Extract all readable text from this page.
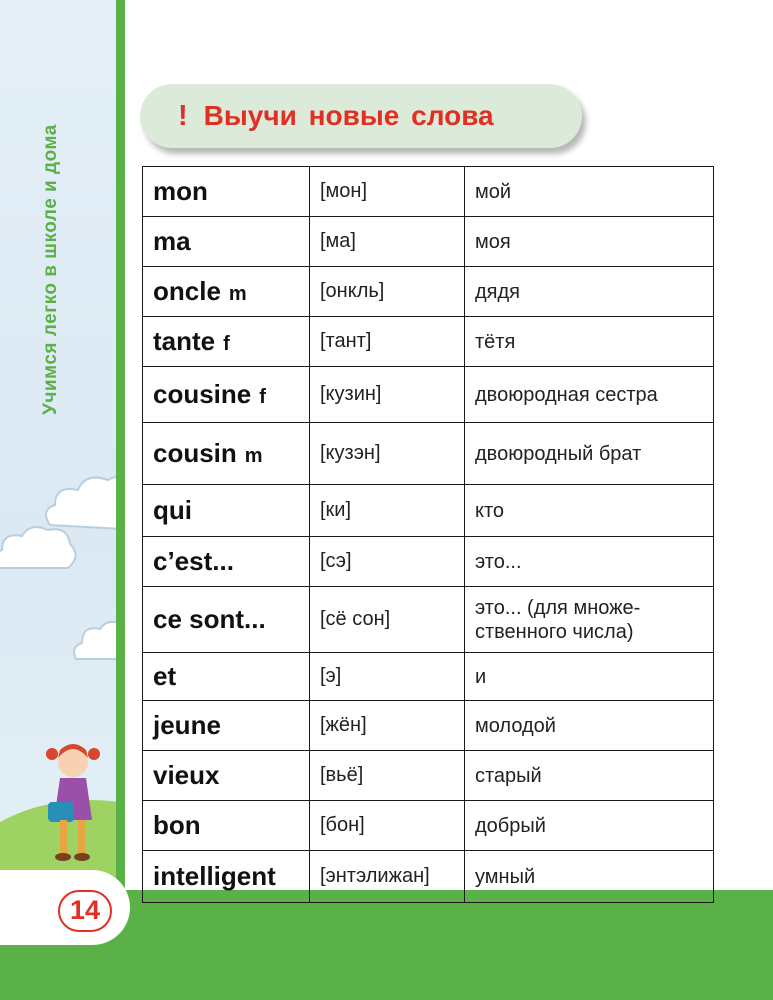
Учимся легко в школе и дома
14
! Выучи новые слова
mon	[мон]	мой
ma	[ма]	моя
oncle m	[онкль]	дядя
tante f	[тант]	тётя
cousine f	[кузин]	двоюродная сестра
cousin m	[кузэн]	двоюродный брат
qui	[ки]	кто
c’est...	[сэ]	это...
ce sont...	[сё сон]	это... (для множе-ственного числа)
et	[э]	и
jeune	[жён]	молодой
vieux	[вьё]	старый
bon	[бон]	добрый
intelligent	[энтэлижан]	умный
